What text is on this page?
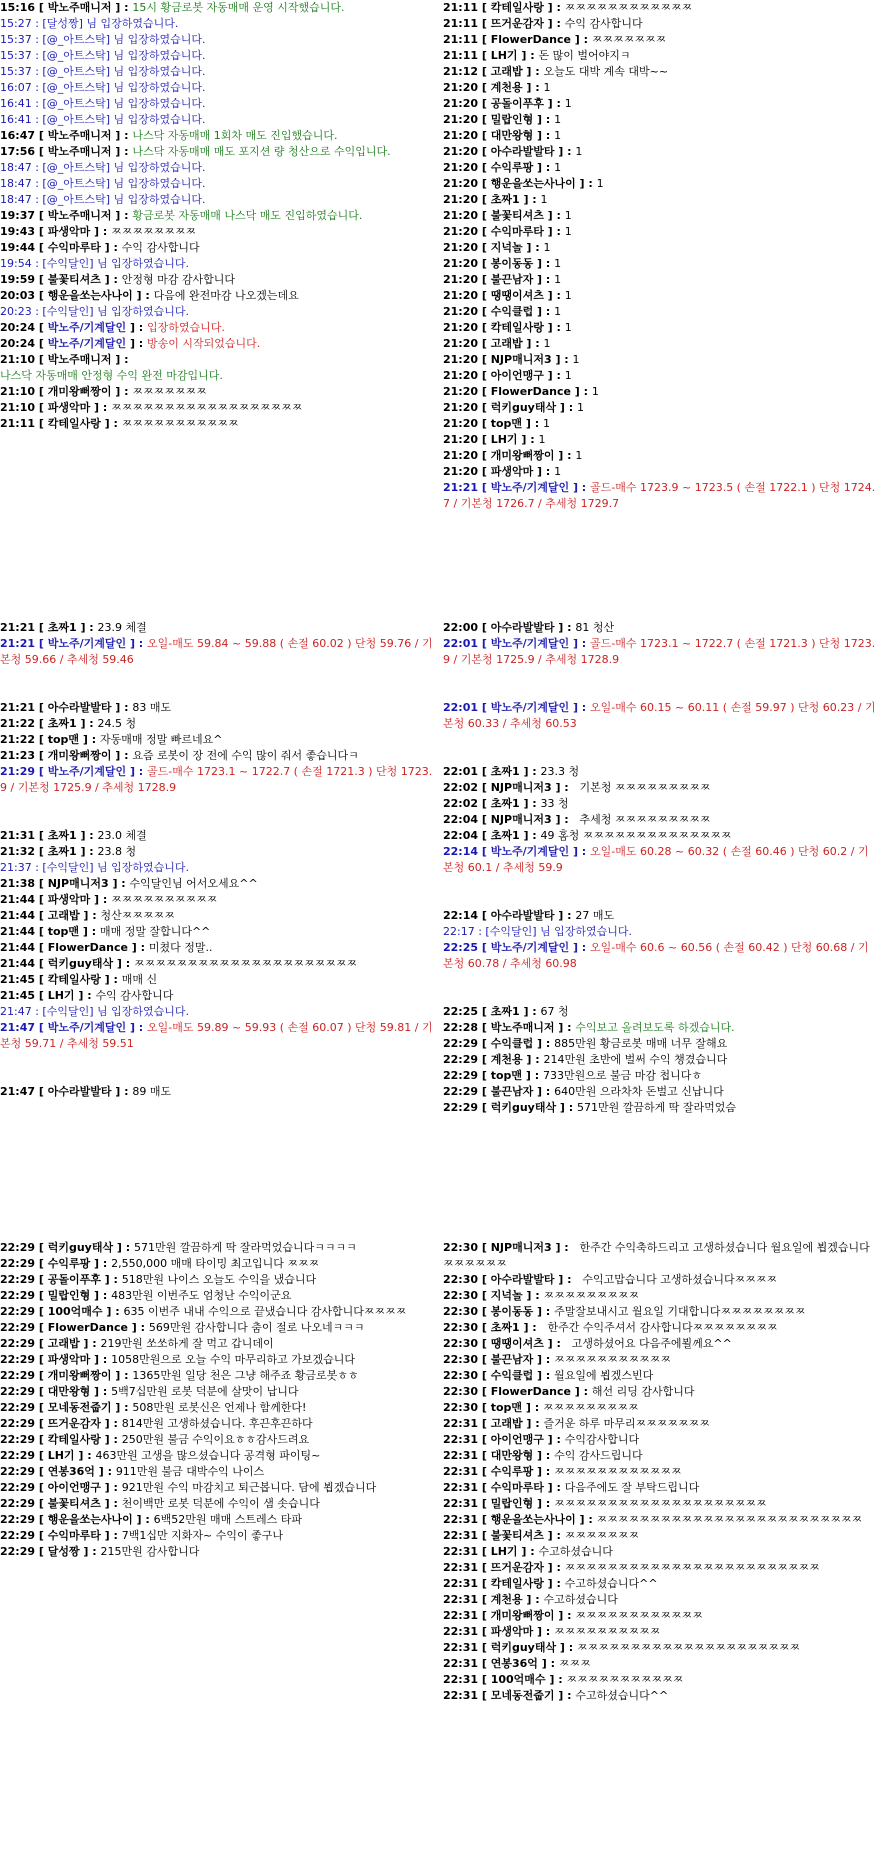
15:16 [ 박노주매니저 ] : 15시 황금로봇 자동매매 운영 시작했습니다.
15:27 : [달성짱] 님 입장하였습니다.
15:37 : [@_아트스탁] 님 입장하였습니다.
15:37 : [@_아트스탁] 님 입장하였습니다.
15:37 : [@_아트스탁] 님 입장하였습니다.
16:07 : [@_아트스탁] 님 입장하였습니다.
16:41 : [@_아트스탁] 님 입장하였습니다.
16:41 : [@_아트스탁] 님 입장하였습니다.
16:47 [ 박노주매니저 ] : 나스닥 자동매매 1회차 매도 진입했습니다.
17:56 [ 박노주매니저 ] : 나스닥 자동매매 매도 포지션 량 청산으로 수익입니다.
18:47 : [@_아트스탁] 님 입장하였습니다.
18:47 : [@_아트스탁] 님 입장하였습니다.
18:47 : [@_아트스탁] 님 입장하였습니다.
19:37 [ 박노주매니저 ] : 황금로봇 자동매매 나스닥 매도 진입하였습니다.
19:43 [ 파생악마 ] : ㅉㅉㅉㅉㅉㅉㅉㅉ
19:44 [ 수익마루타 ] : 수익 감사합니다
19:54 : [수익달인] 님 입장하였습니다.
19:59 [ 불꽃티셔츠 ] : 안정형 마감 감사합니다
20:03 [ 행운을쏘는사나이 ] : 다음에 완전마감 나오겠는데요
20:23 : [수익달인] 님 입장하였습니다.
20:24 [ 박노주/기계달인 ] : 입장하였습니다.
20:24 [ 박노주/기계달인 ] : 방송이 시작되었습니다.
21:10 [ 박노주매니저 ] :
나스닥 자동매매 안정형 수익 완전 마감입니다.
21:10 [ 개미왕뻐짱이 ] : ㅉㅉㅉㅉㅉㅉㅉ
21:10 [ 파생악마 ] : ㅉㅉㅉㅉㅉㅉㅉㅉㅉㅉㅉㅉㅉㅉㅉㅉㅉㅉ
21:11 [ 칵테일사랑 ] : ㅉㅉㅉㅉㅉㅉㅉㅉㅉㅉㅉ
21:11 [ 칵테일사랑 ] : ㅉㅉㅉㅉㅉㅉㅉㅉㅉㅉㅉㅉ
21:11 [ 뜨거운감자 ] : 수익 감사합니다
21:11 [ FlowerDance ] : ㅉㅉㅉㅉㅉㅉㅉ
21:11 [ LH기 ] : 돈 많이 벌어야지ㅋ
21:12 [ 고래밥 ] : 오늘도 대박 계속 대박~~
21:20 [ 계천용 ] : 1
21:20 [ 공돌이푸후 ] : 1
21:20 [ 밀랍인형 ] : 1
21:20 [ 대만왕형 ] : 1
21:20 [ 아수라발발타 ] : 1
21:20 [ 수익루팡 ] : 1
21:20 [ 행운을쏘는사나이 ] : 1
21:20 [ 초짜1 ] : 1
21:20 [ 불꽃티셔츠 ] : 1
21:20 [ 수익마루타 ] : 1
21:20 [ 지넉놀 ] : 1
21:20 [ 봉이동동 ] : 1
21:20 [ 불끈남자 ] : 1
21:20 [ 땡땡이셔츠 ] : 1
21:20 [ 수익클럽 ] : 1
21:20 [ 칵테일사랑 ] : 1
21:20 [ 고래밥 ] : 1
21:20 [ NJP매니저3 ] : 1
21:20 [ 아이언맹구 ] : 1
21:20 [ FlowerDance ] : 1
21:20 [ 럭키guy태삭 ] : 1
21:20 [ top맨 ] : 1
21:20 [ LH기 ] : 1
21:20 [ 개미왕뻐짱이 ] : 1
21:20 [ 파생악마 ] : 1
21:21 [ 박노주/기계달인 ] : 골드-매수 1723.9 ~ 1723.5 ( 손절 1722.1 ) 단청 1724.7 / 기본청 1726.7 / 추세청 1729.7
21:21 [ 초짜1 ] : 23.9 체결
21:21 [ 박노주/기계달인 ] : 오일-매도 59.84 ~ 59.88 ( 손절 60.02 ) 단청 59.76 / 기본청 59.66 / 추세청 59.46
21:21 [ 아수라발발타 ] : 83 매도
21:22 [ 초짜1 ] : 24.5 청
21:22 [ top맨 ] : 자동매매 정말 빠르네요^
21:23 [ 개미왕뻐짱이 ] : 요즘 로봇이 장 전에 수익 많이 줘서 좋습니다ㅋ
21:29 [ 박노주/기계달인 ] : 골드-매수 1723.1 ~ 1722.7 ( 손절 1721.3 ) 단청 1723.9 / 기본청 1725.9 / 추세청 1728.9
21:31 [ 초짜1 ] : 23.0 체결
21:32 [ 초짜1 ] : 23.8 청
21:37 : [수익달인] 님 입장하였습니다.
21:38 [ NJP매니저3 ] : 수익달인님 어서오세요^^
21:44 [ 파생악마 ] : ㅉㅉㅉㅉㅉㅉㅉㅉㅉㅉ
21:44 [ 고래밥 ] : 청산ㅉㅉㅉㅉㅉ
21:44 [ top맨 ] : 매매 정말 잘합니다^^
21:44 [ FlowerDance ] : 미쳤다 정말..
21:44 [ 럭키guy태삭 ] : ㅉㅉㅉㅉㅉㅉㅉㅉㅉㅉㅉㅉㅉㅉㅉㅉㅉㅉㅉㅉㅉ
21:45 [ 칵테일사랑 ] : 매매 신
21:45 [ LH기 ] : 수익 감사합니다
21:47 : [수익달인] 님 입장하였습니다.
21:47 [ 박노주/기계달인 ] : 오일-매도 59.89 ~ 59.93 ( 손절 60.07 ) 단청 59.81 / 기본청 59.71 / 추세청 59.51
21:47 [ 아수라발발타 ] : 89 매도
22:00 [ 아수라발발타 ] : 81 청산
22:01 [ 박노주/기계달인 ] : 골드-매수 1723.1 ~ 1722.7 ( 손절 1721.3 ) 단청 1723.9 / 기본청 1725.9 / 추세청 1728.9
22:01 [ 박노주/기계달인 ] : 오일-매수 60.15 ~ 60.11 ( 손절 59.97 ) 단청 60.23 / 기본청 60.33 / 추세청 60.53
22:01 [ 초짜1 ] : 23.3 청
22:02 [ NJP매니저3 ] :   기본청 ㅉㅉㅉㅉㅉㅉㅉㅉㅉ
22:02 [ 초짜1 ] : 33 청
22:04 [ NJP매니저3 ] :   추세청 ㅉㅉㅉㅉㅉㅉㅉㅉㅉ
22:04 [ 초짜1 ] : 49 홈청 ㅉㅉㅉㅉㅉㅉㅉㅉㅉㅉㅉㅉㅉㅉ
22:14 [ 박노주/기계달인 ] : 오일-매도 60.28 ~ 60.32 ( 손절 60.46 ) 단청 60.2 / 기본청 60.1 / 추세청 59.9
22:14 [ 아수라발발타 ] : 27 매도
22:17 : [수익달인] 님 입장하였습니다.
22:25 [ 박노주/기계달인 ] : 오일-매수 60.6 ~ 60.56 ( 손절 60.42 ) 단청 60.68 / 기본청 60.78 / 추세청 60.98
22:25 [ 초짜1 ] : 67 청
22:28 [ 박노주매니저 ] : 수익보고 올려보도록 하겠습니다.
22:29 [ 수익클럽 ] : 885만원 황금로봇 매매 너무 잘해요
22:29 [ 계천용 ] : 214만원 초반에 벌써 수익 챙겼습니다
22:29 [ top맨 ] : 733만원으로 불금 마감 첩니다ㅎ
22:29 [ 불끈남자 ] : 640만원 으라차차 돈벌고 신납니다
22:29 [ 럭키guy태삭 ] : 571만원 깔끔하게 딱 잘라먹었슴
22:29 [ 럭키guy태삭 ] : 571만원 깔끔하게 딱 잘라먹었습니다ㅋㅋㅋㅋ
22:29 [ 수익루팡 ] : 2,550,000 매매 타이밍 최고입니다 ㅉㅉㅉ
22:29 [ 공돌이푸후 ] : 518만원 나이스 오늘도 수익을 냈습니다
22:29 [ 밀랍인형 ] : 483만원 이번주도 엄청난 수익이군요
22:29 [ 100억매수 ] : 635 이번주 내내 수익으로 끝냈습니다 감사합니다ㅉㅉㅉㅉ
22:29 [ FlowerDance ] : 569만원 감사합니다 춤이 절로 나오네ㅋㅋㅋ
22:29 [ 고래밥 ] : 219만원 쏘쏘하게 잘 먹고 갑니데이
22:29 [ 파생악마 ] : 1058만원으로 오늘 수익 마무리하고 가보겠습니다
22:29 [ 개미왕뻐짱이 ] : 1365만원 일당 천은 그냥 해주죠 황금로봇ㅎㅎ
22:29 [ 대만왕형 ] : 5백7십만원 로봇 덕분에 살맛이 납니다
22:29 [ 모네동전줍기 ] : 508만원 로봇신은 언제나 함께한다!
22:29 [ 뜨거운감자 ] : 814만원 고생하셨습니다. 후끈후끈하다
22:29 [ 칵테일사랑 ] : 250만원 불금 수익이요ㅎㅎ감사드려요
22:29 [ LH기 ] : 463만원 고생을 많으셨습니다 공격형 파이팅~
22:29 [ 연봉36억 ] : 911만원 불금 대박수익 나이스
22:29 [ 아이언맹구 ] : 921만원 수익 마감치고 퇴근봅니다. 담에 뵙겠습니다
22:29 [ 불꽃티셔츠 ] : 천이백만 로봇 덕분에 수익이 샘 솟습니다
22:29 [ 행운을쏘는사나이 ] : 6백52만원 매매 스트레스 타파
22:29 [ 수익마루타 ] : 7백1십만 지화자~ 수익이 좋구나
22:29 [ 달성짱 ] : 215만원 감사합니다
22:30 [ NJP매니저3 ] :   한주간 수익축하드리고 고생하셨습니다 월요일에 뵙겠습니다ㅉㅉㅉㅉㅉㅉ
22:30 [ 아수라발발타 ] :   수익고맙습니다 고생하셨습니다ㅉㅉㅉㅉ
22:30 [ 지넉놀 ] : ㅉㅉㅉㅉㅉㅉㅉㅉㅉ
22:30 [ 봉이동동 ] : 주말잘보내시고 월요일 기대합니다ㅉㅉㅉㅉㅉㅉㅉㅉ
22:30 [ 초짜1 ] :   한주간 수익주셔서 감사합니다ㅉㅉㅉㅉㅉㅉㅉㅉ
22:30 [ 땡땡이셔츠 ] :   고생하셨어요 다음주에뵐께요^^
22:30 [ 불끈남자 ] : ㅉㅉㅉㅉㅉㅉㅉㅉㅉㅉㅉ
22:30 [ 수익클럽 ] : 월요일에 뵙겠스빈다
22:30 [ FlowerDance ] : 해선 리딩 감사합니다
22:30 [ top맨 ] : ㅉㅉㅉㅉㅉㅉㅉㅉㅉ
22:31 [ 고래밥 ] : 즐거운 하루 마무리ㅉㅉㅉㅉㅉㅉㅉ
22:31 [ 아이언맹구 ] : 수익감사합니다
22:31 [ 대만왕형 ] : 수익 감사드립니다
22:31 [ 수익루팡 ] : ㅉㅉㅉㅉㅉㅉㅉㅉㅉㅉㅉㅉ
22:31 [ 수익마루타 ] : 다음주에도 잘 부탁드립니다
22:31 [ 밀랍인형 ] : ㅉㅉㅉㅉㅉㅉㅉㅉㅉㅉㅉㅉㅉㅉㅉㅉㅉㅉㅉㅉ
22:31 [ 행운을쏘는사나이 ] : ㅉㅉㅉㅉㅉㅉㅉㅉㅉㅉㅉㅉㅉㅉㅉㅉㅉㅉㅉㅉㅉㅉㅉㅉㅉ
22:31 [ 불꽃티셔츠 ] : ㅉㅉㅉㅉㅉㅉㅉ
22:31 [ LH기 ] : 수고하셨습니다
22:31 [ 뜨거운감자 ] : ㅉㅉㅉㅉㅉㅉㅉㅉㅉㅉㅉㅉㅉㅉㅉㅉㅉㅉㅉㅉㅉㅉㅉㅉ
22:31 [ 칵테일사랑 ] : 수고하셨습니다^^
22:31 [ 계천용 ] : 수고하셨습니다
22:31 [ 개미왕뻐짱이 ] : ㅉㅉㅉㅉㅉㅉㅉㅉㅉㅉㅉㅉ
22:31 [ 파생악마 ] : ㅉㅉㅉㅉㅉㅉㅉㅉㅉㅉ
22:31 [ 럭키guy태삭 ] : ㅉㅉㅉㅉㅉㅉㅉㅉㅉㅉㅉㅉㅉㅉㅉㅉㅉㅉㅉㅉㅉ
22:31 [ 연봉36억 ] : ㅉㅉㅉ
22:31 [ 100억매수 ] : ㅉㅉㅉㅉㅉㅉㅉㅉㅉㅉㅉ
22:31 [ 모네동전줍기 ] : 수고하셨습니다^^
